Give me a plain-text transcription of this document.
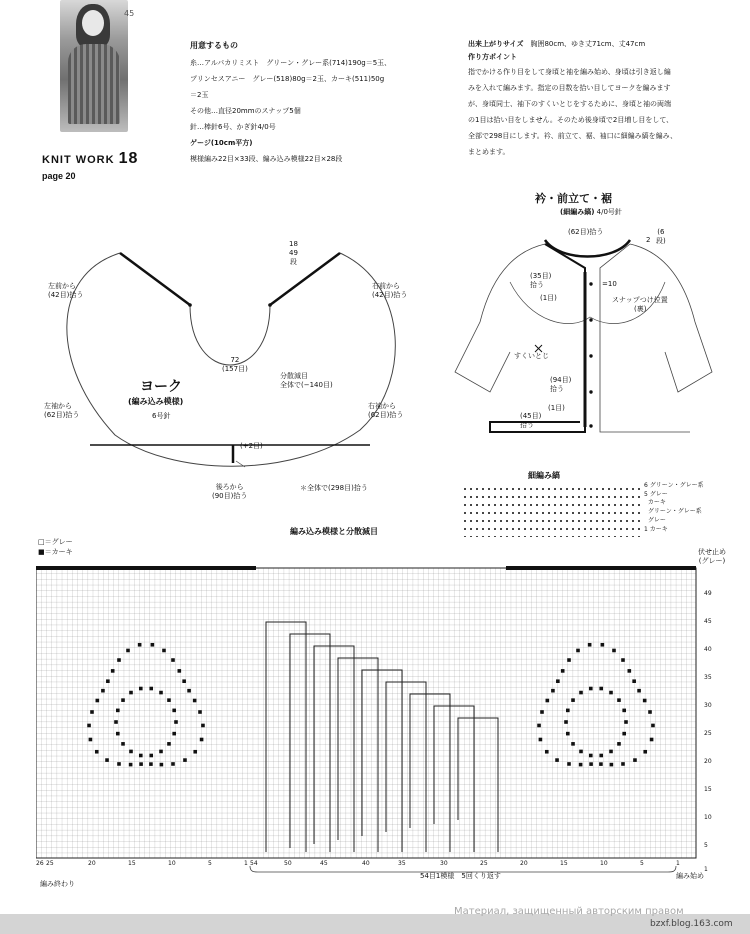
45
KNIT WORK 18
page 20
用意するもの
糸…アルパカリミスト　グリーン・グレー系(714)190g＝5玉、
プリンセスアニー　グレー(518)80g＝2玉、カーキ(511)50g
＝2玉
その他…直径20mmのスナップ5個
針…棒針6号、かぎ針4/0号
ゲージ(10cm平方)
模様編み22目×33段、編み込み模様22目×28段
出来上がりサイズ　 胸囲80cm、ゆき丈71cm、丈47cm
作り方ポイント
指でかける作り目をして身頃と袖を編み始め、身頃は引き返し編
みを入れて編みます。指定の目数を拾い目してヨークを編みます
が、身頃同士、袖下のすくいとじをするために、身頃と袖の両端
の1目は拾い目をしません。そのため後身頃で2目増し目をして、
全部で298目にします。衿、前立て、裾、袖口に細編み縞を編み、
まとめます。
18
49
段
72
(157目)
分散減目
全体で(−140目)
左前から
(42目)拾う
右前から
(42目)拾う
左袖から
(62目)拾う
右袖から
(62目)拾う
ヨーク
(編み込み模様)
6号針
(+2目)
後ろから
(90目)拾う
＊全体で(298目)拾う
衿・前立て・裾
(細編み縞) 4/0号針
(62目)拾う
2
(6
段)
(35目)
拾う	=10
(1目)	スナップつけ位置
(裏)
すくいとじ
(94目)
拾う
(1目)
(45目)
拾う
細編み縞
6 グリーン・グレー系
5 グレー
カーキ
グリーン・グレー系
グレー
1 カーキ
編み込み模様と分散減目
□＝グレー
■＝カーキ	伏せ止め
(グレー)
49
45
40
35
30
25
20
15
10
5
1
26 25	20	15	10	5	1 54	50	45	40	35	30	25	20	15	10	5	1
54目1模様　5回くり返す
編み終わり
編み始め
Материал, защищенный авторским правом
bzxf.blog.163.com
